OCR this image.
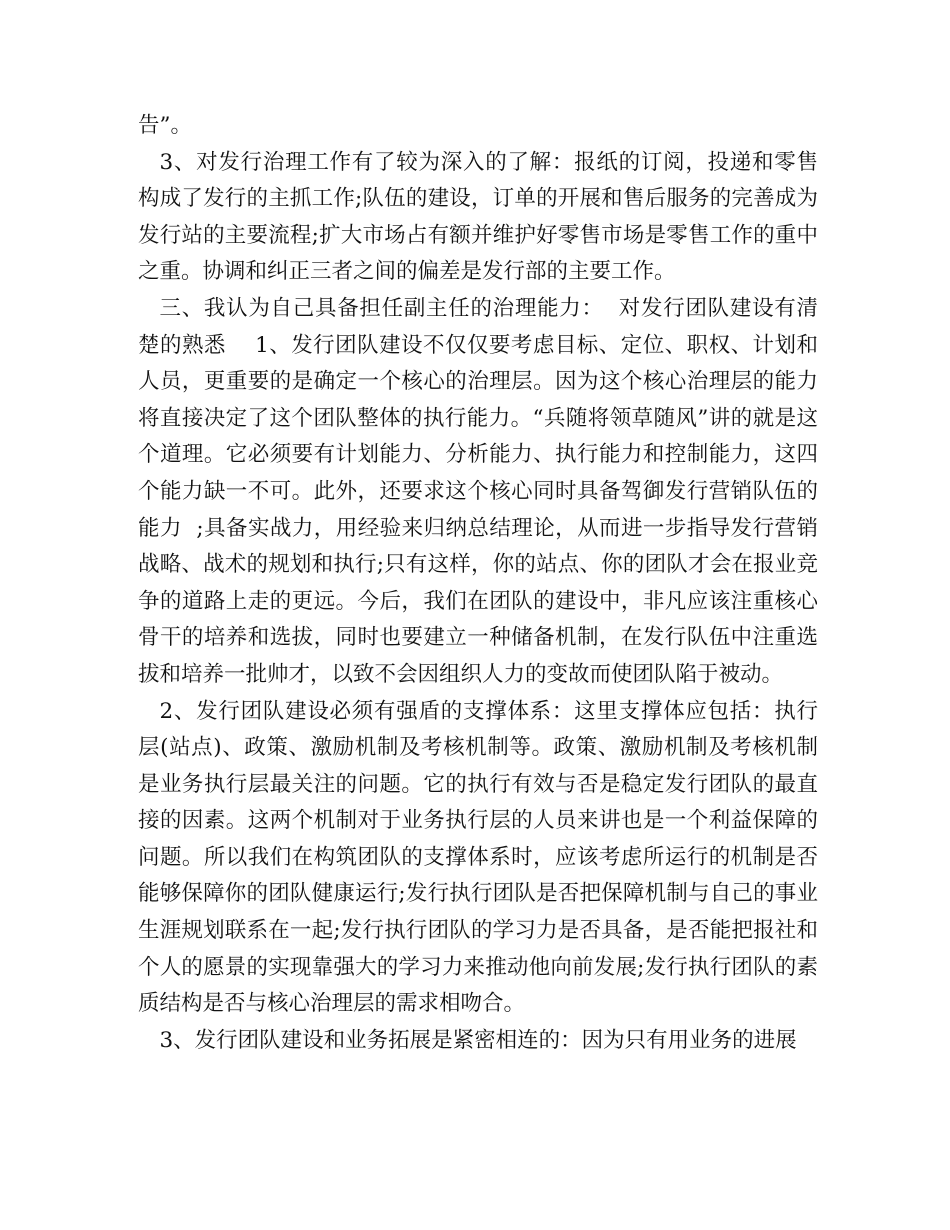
告”。

3、对发行治理工作有了较为深入的了解：报纸的订阅，投递和零售构成了发行的主抓工作;队伍的建设，订单的开展和售后服务的完善成为发行站的主要流程;扩大市场占有额并维护好零售市场是零售工作的重中之重。协调和纠正三者之间的偏差是发行部的主要工作。

三、我认为自己具备担任副主任的治理能力：  对发行团队建设有清楚的熟悉    1、发行团队建设不仅仅要考虑目标、定位、职权、计划和人员，更重要的是确定一个核心的治理层。因为这个核心治理层的能力将直接决定了这个团队整体的执行能力。“兵随将领草随风”讲的就是这个道理。它必须要有计划能力、分析能力、执行能力和控制能力，这四个能力缺一不可。此外，还要求这个核心同时具备驾御发行营销队伍的能力  ;具备实战力，用经验来归纳总结理论，从而进一步指导发行营销战略、战术的规划和执行;只有这样，你的站点、你的团队才会在报业竞争的道路上走的更远。今后，我们在团队的建设中，非凡应该注重核心骨干的培养和选拔，同时也要建立一种储备机制，在发行队伍中注重选拔和培养一批帅才，以致不会因组织人力的变故而使团队陷于被动。

2、发行团队建设必须有强盾的支撑体系：这里支撑体应包括：执行层(站点)、政策、激励机制及考核机制等。政策、激励机制及考核机制是业务执行层最关注的问题。它的执行有效与否是稳定发行团队的最直接的因素。这两个机制对于业务执行层的人员来讲也是一个利益保障的问题。所以我们在构筑团队的支撑体系时，应该考虑所运行的机制是否能够保障你的团队健康运行;发行执行团队是否把保障机制与自己的事业生涯规划联系在一起;发行执行团队的学习力是否具备，是否能把报社和个人的愿景的实现靠强大的学习力来推动他向前发展;发行执行团队的素质结构是否与核心治理层的需求相吻合。

3、发行团队建设和业务拓展是紧密相连的：因为只有用业务的进展
